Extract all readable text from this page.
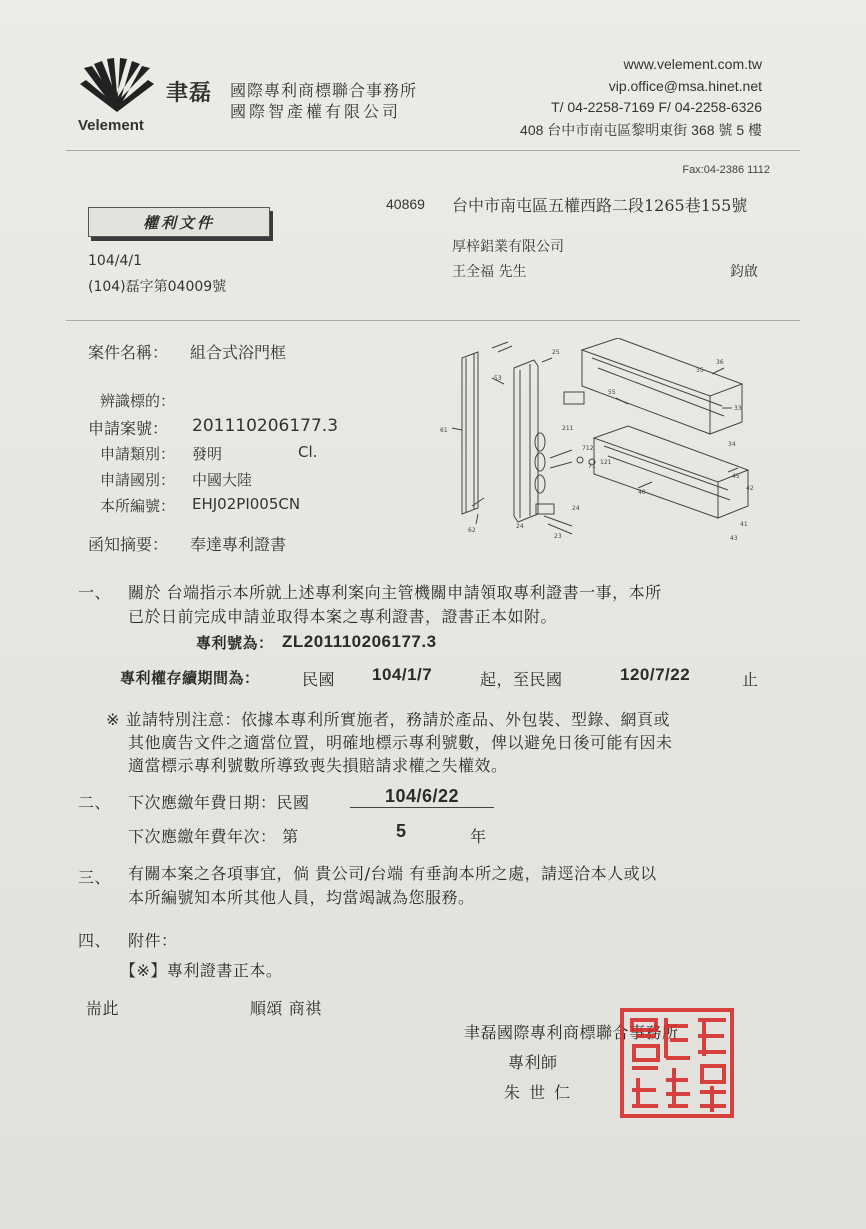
Velement
聿磊 國際專利商標聯合事務所
國際智產權有限公司
www.velement.com.tw
vip.office@msa.hinet.net
T/ 04-2258-7169 F/ 04-2258-6326
408 台中市南屯區黎明東街 368 號 5 樓
Fax:04-2386 1112
40869 台中市南屯區五權西路二段1265巷155號
厚梓鋁業有限公司
王全福 先生	鈞啟
權利文件
104/4/1
(104)磊字第04009號
案件名稱： 組合式浴門框
辨識標的：
申請案號： 201110206177.3
申請類別： 發明	Cl.
申請國別： 中國大陸
本所編號： EHJ02PI005CN
函知摘要： 奉達專利證書
53
61
62
25
24
211
712
71
121
55
35
36
33
34
45
42
40
41
43
23
24
一、 關於 台端指示本所就上述專利案向主管機關申請領取專利證書一事，本所
已於日前完成申請並取得本案之專利證書，證書正本如附。
專利號為： ZL201110206177.3
專利權存續期間為：	民國 104/1/7	起，至民國	120/7/22	止
※ 並請特別注意：依據本專利所實施者，務請於產品、外包裝、型錄、網頁或
其他廣告文件之適當位置，明確地標示專利號數，俾以避免日後可能有因未
適當標示專利號數所導致喪失損賠請求權之失權效。
二、 下次應繳年費日期：民國	104/6/22
下次應繳年費年次： 第	5	年
三、 有關本案之各項事宜，倘 貴公司/台端 有垂詢本所之處，請逕洽本人或以
本所編號知本所其他人員，均當竭誠為您服務。
四、 附件：
【※】專利證書正本。
耑此	順頌 商祺
聿磊國際專利商標聯合事務所
專利師
朱 世 仁
